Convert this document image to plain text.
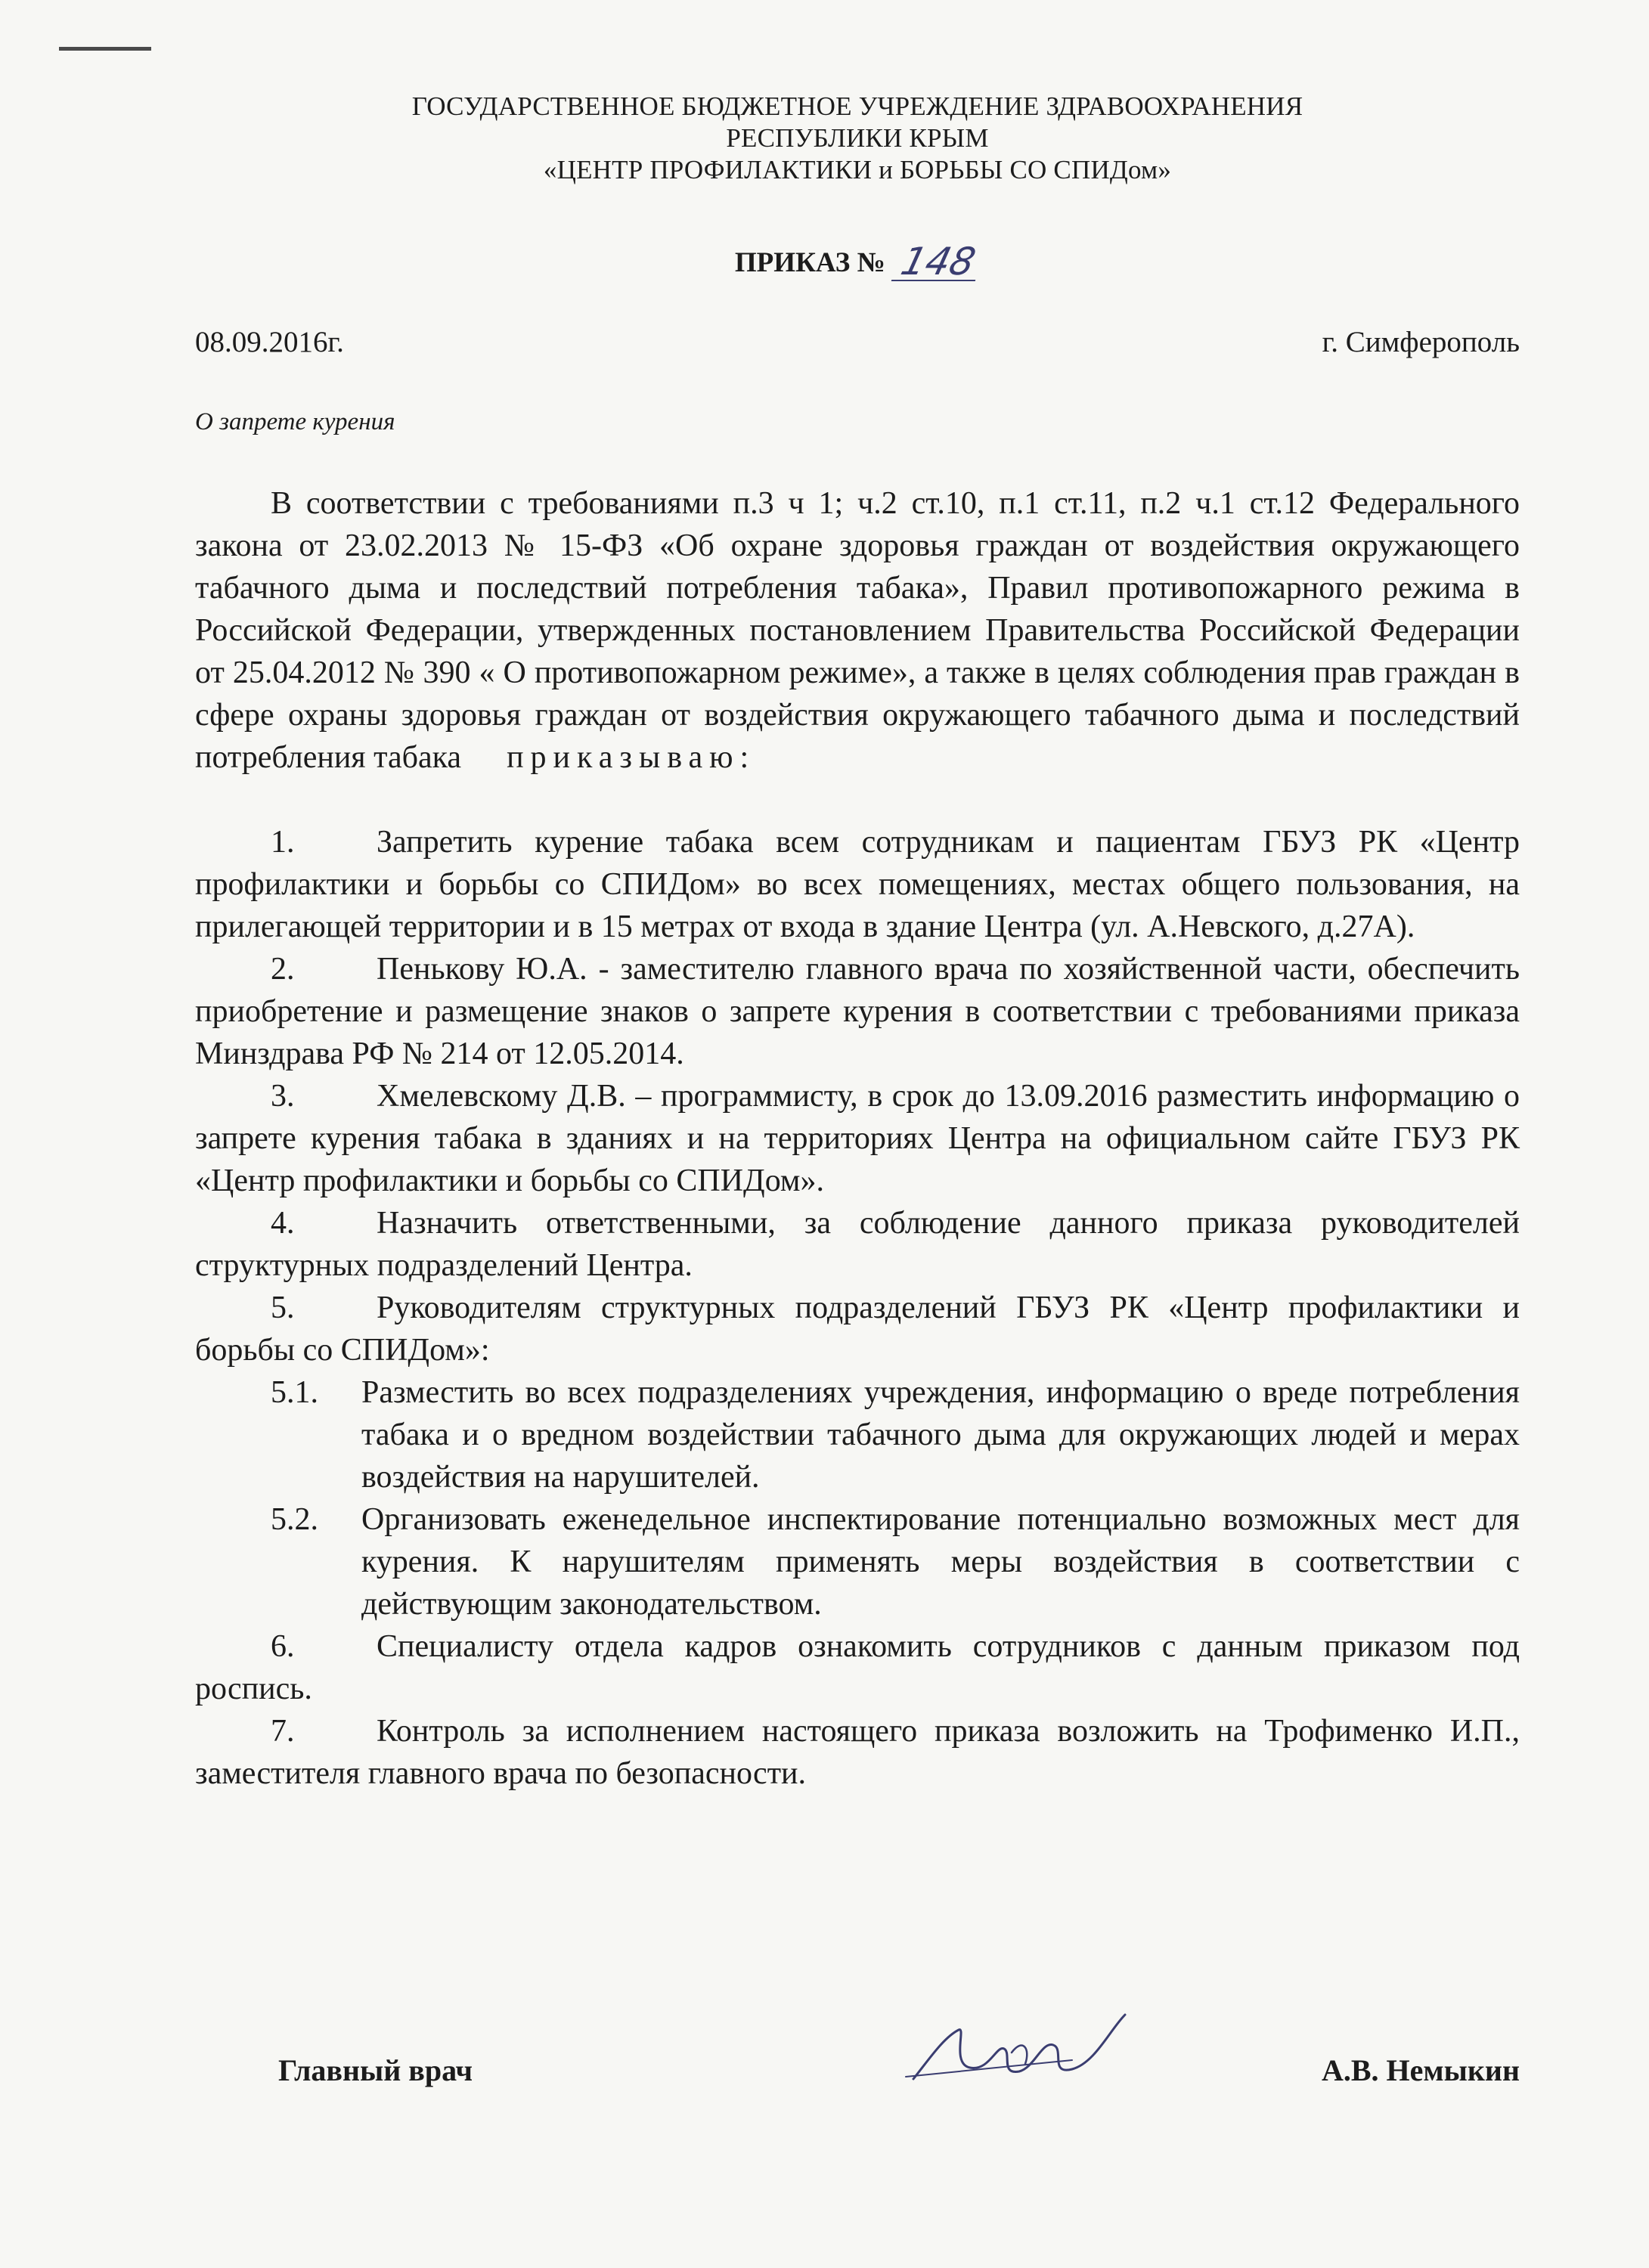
ГОСУДАРСТВЕННОЕ БЮДЖЕТНОЕ УЧРЕЖДЕНИЕ ЗДРАВООХРАНЕНИЯ
РЕСПУБЛИКИ КРЫМ
«ЦЕНТР ПРОФИЛАКТИКИ и БОРЬБЫ СО СПИДом»
ПРИКАЗ № 148
08.09.2016г.	г. Симферополь
О запрете курения

В соответствии с требованиями п.3 ч 1; ч.2 ст.10, п.1 ст.11, п.2 ч.1 ст.12 Федерального закона от 23.02.2013 № 15-ФЗ «Об охране здоровья граждан от воздействия окружающего табачного дыма и последствий потребления табака», Правил противопожарного режима в Российской Федерации, утвержденных постановлением Правительства Российской Федерации от 25.04.2012 № 390 « О противопожарном режиме», а также в целях соблюдения прав граждан в сфере охраны здоровья граждан от воздействия окружающего табачного дыма и последствий потребления табака приказываю:

1.	Запретить курение табака всем сотрудникам и пациентам ГБУЗ РК «Центр профилактики и борьбы со СПИДом» во всех помещениях, местах общего пользования, на прилегающей территории и в 15 метрах от входа в здание Центра (ул. А.Невского, д.27А).

2.	Пенькову Ю.А. - заместителю главного врача по хозяйственной части, обеспечить приобретение и размещение знаков о запрете курения в соответствии с требованиями приказа Минздрава РФ № 214 от 12.05.2014.

3.	Хмелевскому Д.В. – программисту, в срок до 13.09.2016 разместить информацию о запрете курения табака в зданиях и на территориях Центра на официальном сайте ГБУЗ РК «Центр профилактики и борьбы со СПИДом».

4.	Назначить ответственными, за соблюдение данного приказа руководителей структурных подразделений Центра.

5.	Руководителям структурных подразделений ГБУЗ РК «Центр профилактики и борьбы со СПИДом»:

5.1. Разместить во всех подразделениях учреждения, информацию о вреде потребления табака и о вредном воздействии табачного дыма для окружающих людей и мерах воздействия на нарушителей.

5.2. Организовать еженедельное инспектирование потенциально возможных мест для курения. К нарушителям применять меры воздействия в соответствии с действующим законодательством.

6.	Специалисту отдела кадров ознакомить сотрудников с данным приказом под роспись.

7.	Контроль за исполнением настоящего приказа возложить на Трофименко И.П., заместителя главного врача по безопасности.

Главный врач	А.В. Немыкин
